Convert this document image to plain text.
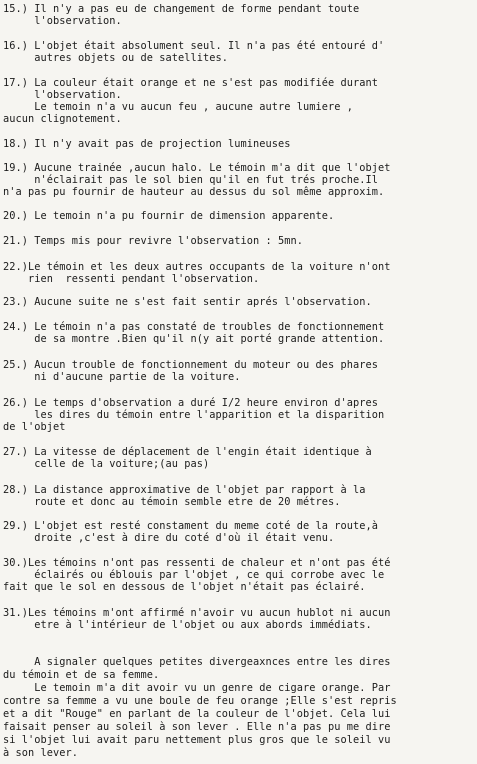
15.) Il n'y a pas eu de changement de forme pendant toute
l'observation.
16.) L'objet était absolument seul. Il n'a pas été entouré d'
autres objets ou de satellites.
17.) La couleur était orange et ne s'est pas modifiée durant
l'observation.
Le temoin n'a vu aucun feu , aucune autre lumiere ,
aucun clignotement.
18.) Il n'y avait pas de projection lumineuses
19.) Aucune trainée ,aucun halo. Le témoin m'a dit que l'objet
n'éclairait pas le sol bien qu'il en fut trés proche.Il
n'a pas pu fournir de hauteur au dessus du sol même approxim.
20.) Le temoin n'a pu fournir de dimension apparente.
21.) Temps mis pour revivre l'observation : 5mn.
22.)Le témoin et les deux autres occupants de la voiture n'ont
rien  ressenti pendant l'observation.
23.) Aucune suite ne s'est fait sentir aprés l'observation.
24.) Le témoin n'a pas constaté de troubles de fonctionnement
de sa montre .Bien qu'il n(y ait porté grande attention.
25.) Aucun trouble de fonctionnement du moteur ou des phares
ni d'aucune partie de la voiture.
26.) Le temps d'observation a duré I/2 heure environ d'apres
les dires du témoin entre l'apparition et la disparition
de l'objet
27.) La vitesse de déplacement de l'engin était identique à
celle de la voiture;(au pas)
28.) La distance approximative de l'objet par rapport à la
route et donc au témoin semble etre de 20 métres.
29.) L'objet est resté constament du meme coté de la route,à
droite ,c'est à dire du coté d'où il était venu.
30.)Les témoins n'ont pas ressenti de chaleur et n'ont pas été
éclairés ou éblouis par l'objet , ce qui corrobe avec le
fait que le sol en dessous de l'objet n'était pas éclairé.
31.)Les témoins m'ont affirmé n'avoir vu aucun hublot ni aucun
etre à l'intérieur de l'objet ou aux abords immédiats.
A signaler quelques petites divergeaxnces entre les dires
du témoin et de sa femme.
Le temoin m'a dit avoir vu un genre de cigare orange. Par
contre sa femme a vu une boule de feu orange ;Elle s'est repris
et a dit "Rouge" en parlant de la couleur de l'objet. Cela lui
faisait penser au soleil à son lever . Elle n'a pas pu me dire
si l'objet lui avait paru nettement plus gros que le soleil vu
à son lever.
